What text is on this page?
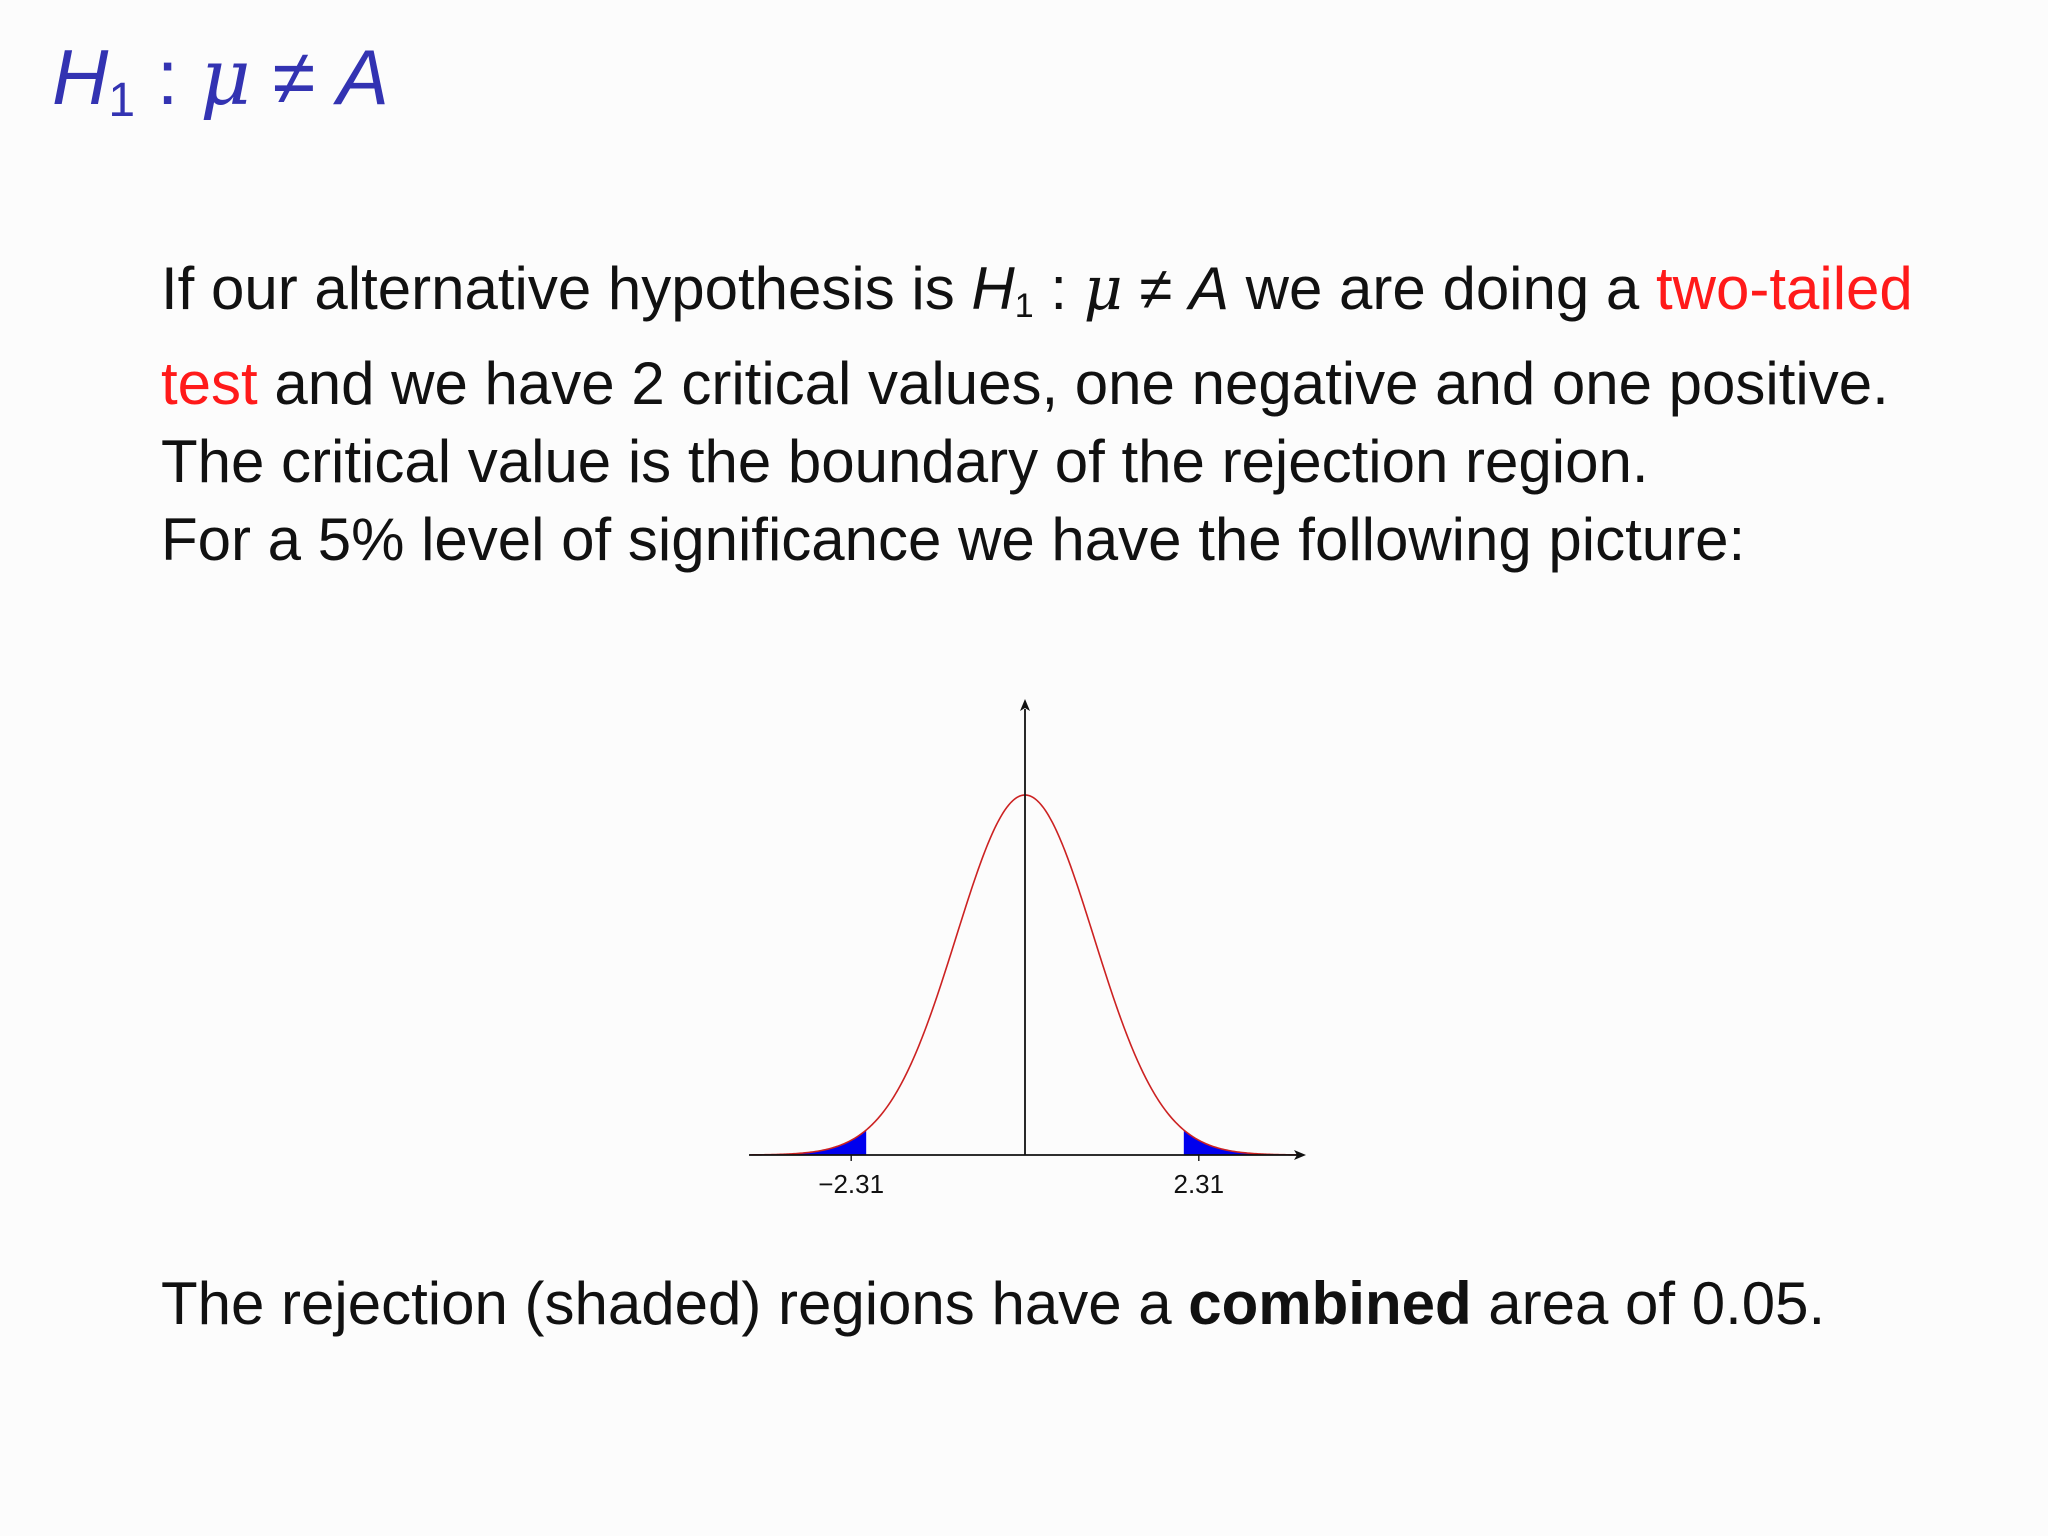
$H_1$ : μ ≠ A

If our alternative hypothesis is $H_1$ : μ ≠ A we are doing a two-tailed test and we have 2 critical values, one negative and one positive.

The critical value is the boundary of the rejection region.

For a 5% level of significance we have the following picture:

−2.31	2.31
The rejection (shaded) regions have a combined area of 0.05.
